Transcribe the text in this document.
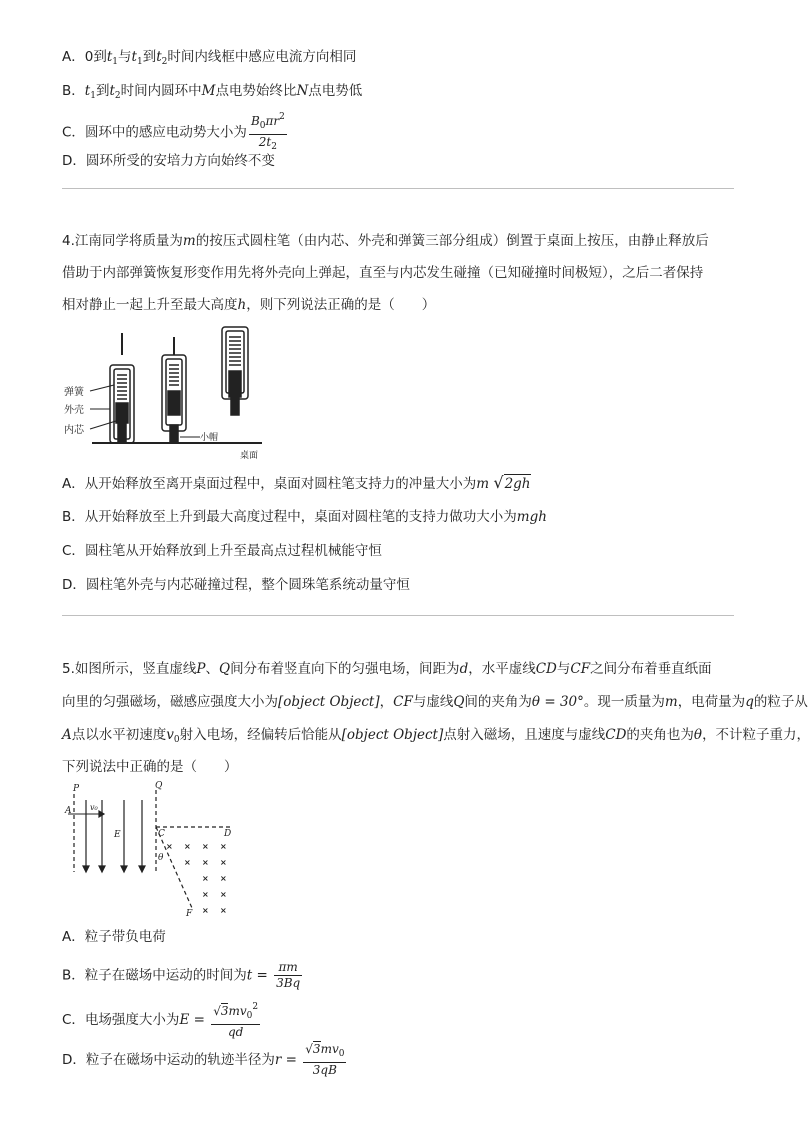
A．0到$t_1$与$t_1$到$t_2$时间内线框中感应电流方向相同
B．$t_1$到$t_2$时间内圆环中M点电势始终比N点电势低
C．圆环中的感应电动势大小为 $\frac{B_0\pi r^2}{2t_2}$
D．圆环所受的安培力方向始终不变
4.江南同学将质量为m的按压式圆柱笔（由内芯、外壳和弹簧三部分组成）倒置于桌面上按压，由静止释放后
借助于内部弹簧恢复形变作用先将外壳向上弹起，直至与内芯发生碰撞（已知碰撞时间极短），之后二者保持
相对静止一起上升至最大高度h，则下列说法正确的是（　　）
弹簧
外壳
内芯
小帽
桌面
A．从开始释放至离开桌面过程中，桌面对圆柱笔支持力的冲量大小为m √2gh
B．从开始释放至上升到最大高度过程中，桌面对圆柱笔的支持力做功大小为mgh
C．圆柱笔从开始释放到上升至最高点过程机械能守恒
D．圆柱笔外壳与内芯碰撞过程，整个圆珠笔系统动量守恒
5.如图所示，竖直虚线P、Q间分布着竖直向下的匀强电场，间距为d，水平虚线CD与CF之间分布着垂直纸面
向里的匀强磁场，磁感应强度大小为[object Object]，CF与虚线Q间的夹角为θ = 30°。现一质量为m，电荷量为q的粒子从
A点以水平初速度$v_0$射入电场，经偏转后恰能从[object Object]点射入磁场，且速度与虚线CD的夹角也为θ，不计粒子重力，
下列说法中正确的是（　　）
× × × ×
× × ×
× ×
× ×
× ×
P	Q
A v₀
E	C	D
θ
F
A．粒子带负电荷
B．粒子在磁场中运动的时间为$t = \frac{\pi m}{3Bq}$
C．电场强度大小为$E = \frac{√3mv_0^2}{qd}$
D．粒子在磁场中运动的轨迹半径为$r = \frac{√3mv_0}{3qB}$
